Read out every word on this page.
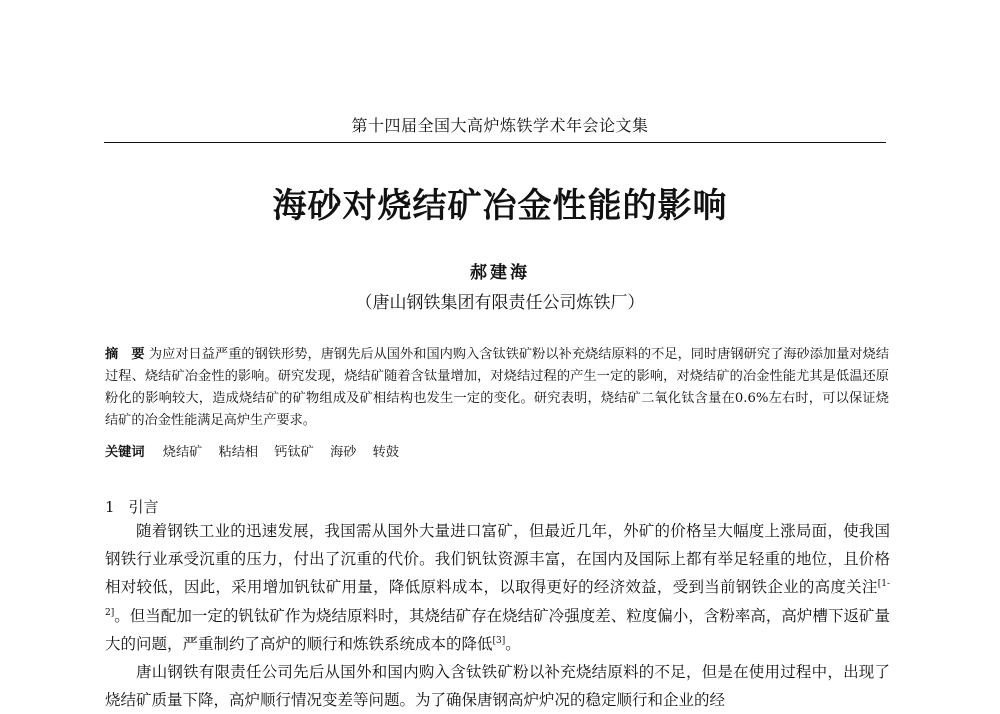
第十四届全国大高炉炼铁学术年会论文集
海砂对烧结矿冶金性能的影响
郝建海
（唐山钢铁集团有限责任公司炼铁厂）
摘　要 为应对日益严重的钢铁形势，唐钢先后从国外和国内购入含钛铁矿粉以补充烧结原料的不足，同时唐钢研究了海砂添加量对烧结过程、烧结矿冶金性的影响。研究发现，烧结矿随着含钛量增加，对烧结过程的产生一定的影响，对烧结矿的冶金性能尤其是低温还原粉化的影响较大，造成烧结矿的矿物组成及矿相结构也发生一定的变化。研究表明，烧结矿二氧化钛含量在0.6%左右时，可以保证烧结矿的冶金性能满足高炉生产要求。
关键词 烧结矿 粘结相 钙钛矿 海砂 转鼓
1 引言

随着钢铁工业的迅速发展，我国需从国外大量进口富矿，但最近几年，外矿的价格呈大幅度上涨局面，使我国钢铁行业承受沉重的压力，付出了沉重的代价。我们钒钛资源丰富，在国内及国际上都有举足轻重的地位，且价格相对较低，因此，采用增加钒钛矿用量，降低原料成本，以取得更好的经济效益，受到当前钢铁企业的高度关注[1-2]。但当配加一定的钒钛矿作为烧结原料时，其烧结矿存在烧结矿冷强度差、粒度偏小，含粉率高，高炉槽下返矿量大的问题，严重制约了高炉的顺行和炼铁系统成本的降低[3]。

唐山钢铁有限责任公司先后从国外和国内购入含钛铁矿粉以补充烧结原料的不足，但是在使用过程中，出现了烧结矿质量下降，高炉顺行情况变差等问题。为了确保唐钢高炉炉况的稳定顺行和企业的经
